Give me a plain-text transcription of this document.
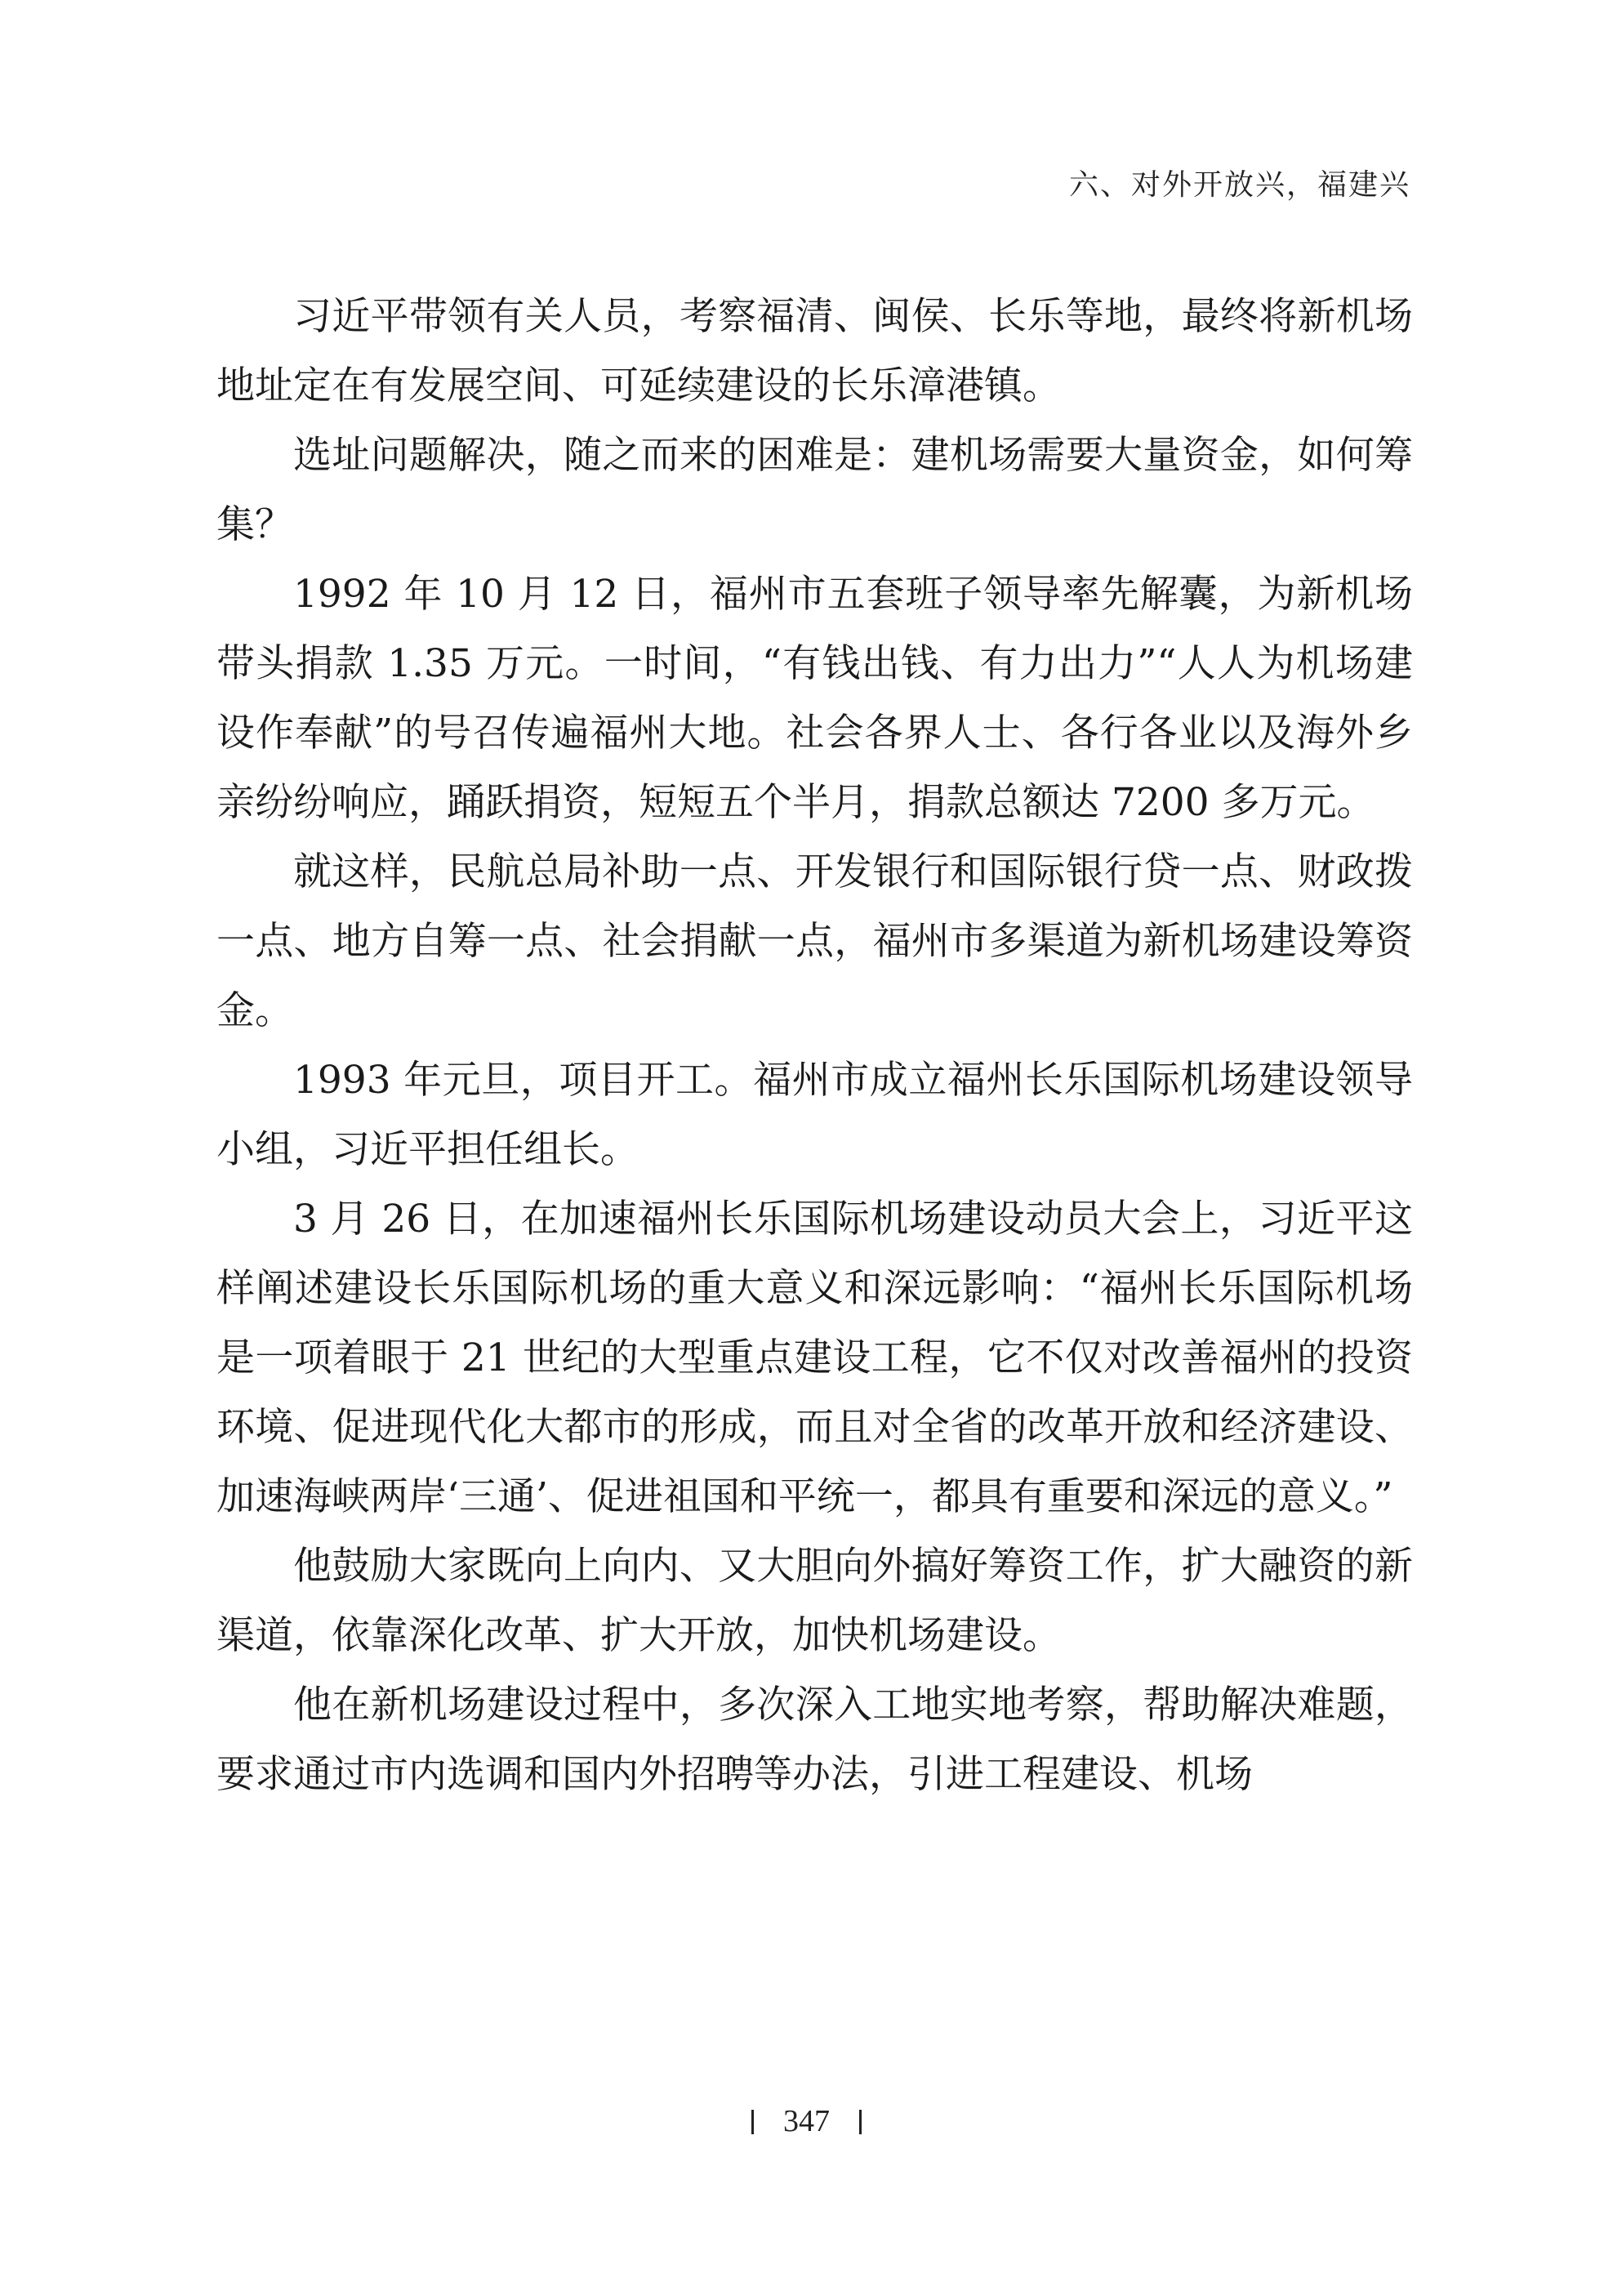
六、对外开放兴，福建兴

习近平带领有关人员，考察福清、闽侯、长乐等地，最终将新机场地址定在有发展空间、可延续建设的长乐漳港镇。

选址问题解决，随之而来的困难是：建机场需要大量资金，如何筹集？

1992 年 10 月 12 日，福州市五套班子领导率先解囊，为新机场带头捐款 1.35 万元。一时间，“有钱出钱、有力出力”“人人为机场建设作奉献”的号召传遍福州大地。社会各界人士、各行各业以及海外乡亲纷纷响应，踊跃捐资，短短五个半月，捐款总额达 7200 多万元。

就这样，民航总局补助一点、开发银行和国际银行贷一点、财政拨一点、地方自筹一点、社会捐献一点，福州市多渠道为新机场建设筹资金。

1993 年元旦，项目开工。福州市成立福州长乐国际机场建设领导小组，习近平担任组长。

3 月 26 日，在加速福州长乐国际机场建设动员大会上，习近平这样阐述建设长乐国际机场的重大意义和深远影响：“福州长乐国际机场是一项着眼于 21 世纪的大型重点建设工程，它不仅对改善福州的投资环境、促进现代化大都市的形成，而且对全省的改革开放和经济建设、加速海峡两岸‘三通’、促进祖国和平统一，都具有重要和深远的意义。”

他鼓励大家既向上向内、又大胆向外搞好筹资工作，扩大融资的新渠道，依靠深化改革、扩大开放，加快机场建设。

他在新机场建设过程中，多次深入工地实地考察，帮助解决难题，要求通过市内选调和国内外招聘等办法，引进工程建设、机场

347
